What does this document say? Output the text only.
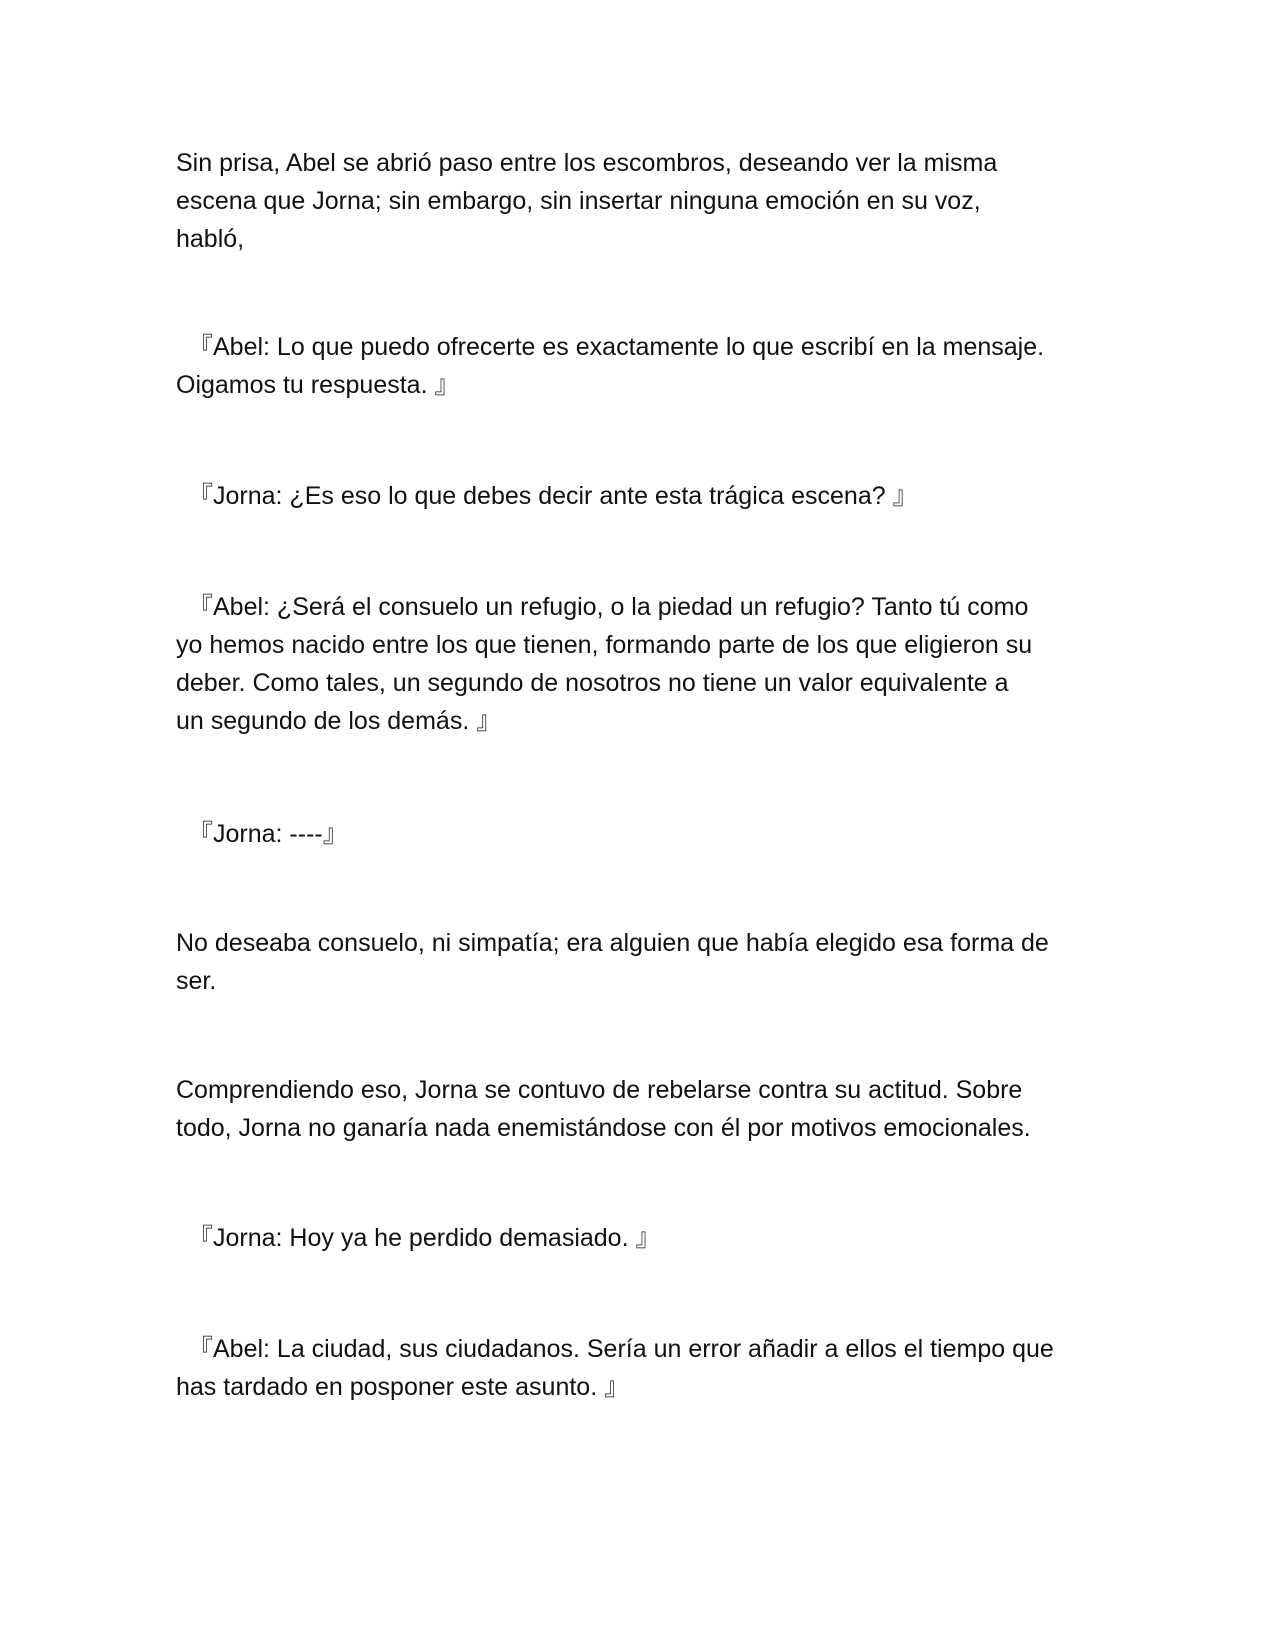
Sin prisa, Abel se abrió paso entre los escombros, deseando ver la misma
escena que Jorna; sin embargo, sin insertar ninguna emoción en su voz,
habló,

『Abel: Lo que puedo ofrecerte es exactamente lo que escribí en la mensaje.
Oigamos tu respuesta. 』

『Jorna: ¿Es eso lo que debes decir ante esta trágica escena? 』

『Abel: ¿Será el consuelo un refugio, o la piedad un refugio? Tanto tú como
yo hemos nacido entre los que tienen, formando parte de los que eligieron su
deber. Como tales, un segundo de nosotros no tiene un valor equivalente a
un segundo de los demás. 』

『Jorna: ----』

No deseaba consuelo, ni simpatía; era alguien que había elegido esa forma de
ser.

Comprendiendo eso, Jorna se contuvo de rebelarse contra su actitud. Sobre
todo, Jorna no ganaría nada enemistándose con él por motivos emocionales.

『Jorna: Hoy ya he perdido demasiado. 』

『Abel: La ciudad, sus ciudadanos. Sería un error añadir a ellos el tiempo que
has tardado en posponer este asunto. 』
